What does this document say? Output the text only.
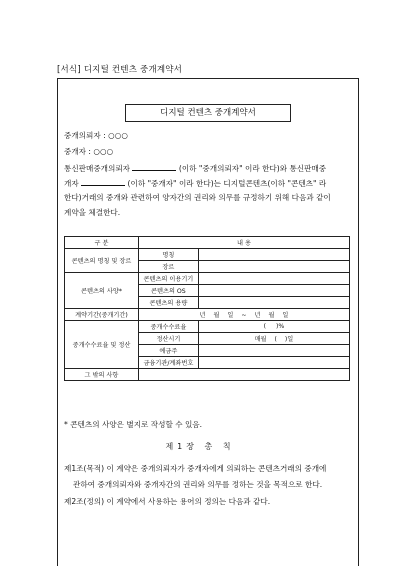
[서식] 디지털 컨텐츠 중개계약서
디지털 컨텐츠 중개계약서
중개의뢰자 : ○○○
중개자 : ○○○
통신판매중개의뢰자	(이하 "중개의뢰자" 이라 한다)와 통신판매중
개자	(이하 "중개자" 이라 한다)는 디지털콘텐츠(이하 "콘텐츠" 라
한다)거래의 중개와 관련하여 양자간의 권리와 의무를 규정하기 위해 다음과 같이
계약을 체결한다.
구 분	내 용	
콘텐츠의 명칭 및 장르	명칭	
	장르	
콘텐츠의 사양*	콘텐츠의 이용기기	
	콘텐츠의 OS	
	콘텐츠의 용량	
계약기간(중개기간)	년 월 일 ~ 년 월 일	
중개수수료율 및 정산	중개수수료율	( )%
	정산시기	매월 ( )일
	예금주	
	금융기관/계좌번호	
그 밖의 사항		
* 콘텐츠의 사양은 별지로 작성할 수 있음.
제1장 총 칙
제1조(목적) 이 계약은 중개의뢰자가 중개자에게 의뢰하는 콘텐츠거래의 중개에
관하여 중개의뢰자와 중개자간의 권리와 의무를 정하는 것을 목적으로 한다.
제2조(정의) 이 계약에서 사용하는 용어의 정의는 다음과 같다.
